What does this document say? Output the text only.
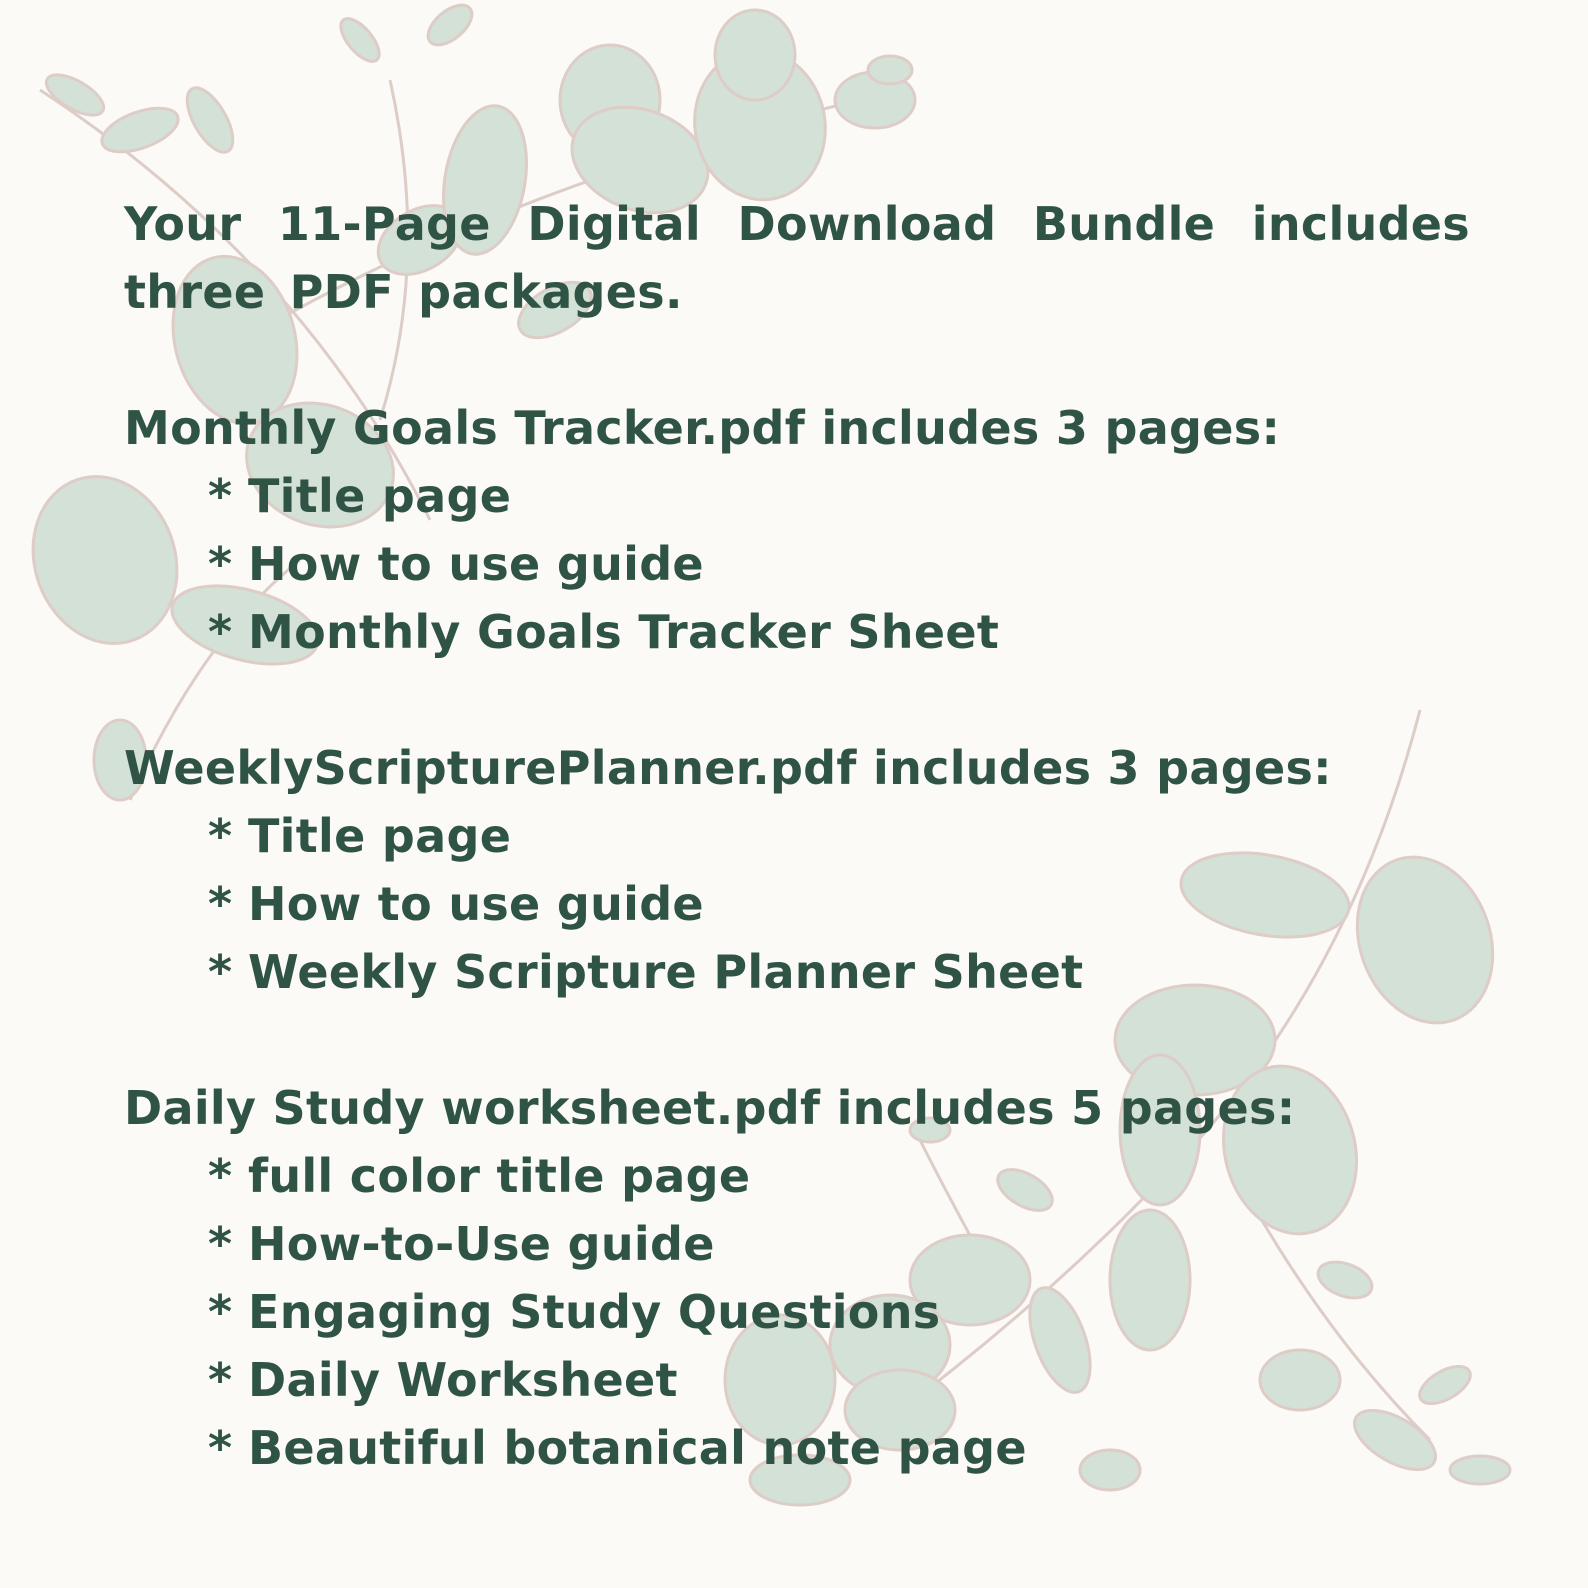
Your 11-Page Digital Download Bundle includes three PDF packages.

Monthly Goals Tracker.pdf includes 3 pages:

* Title page
* How to use guide
* Monthly Goals Tracker Sheet

WeeklyScripturePlanner.pdf includes 3 pages:

* Title page
* How to use guide
* Weekly Scripture Planner Sheet

Daily Study worksheet.pdf includes 5 pages:

* full color title page
* How-to-Use guide
* Engaging Study Questions
* Daily Worksheet
* Beautiful botanical note page
